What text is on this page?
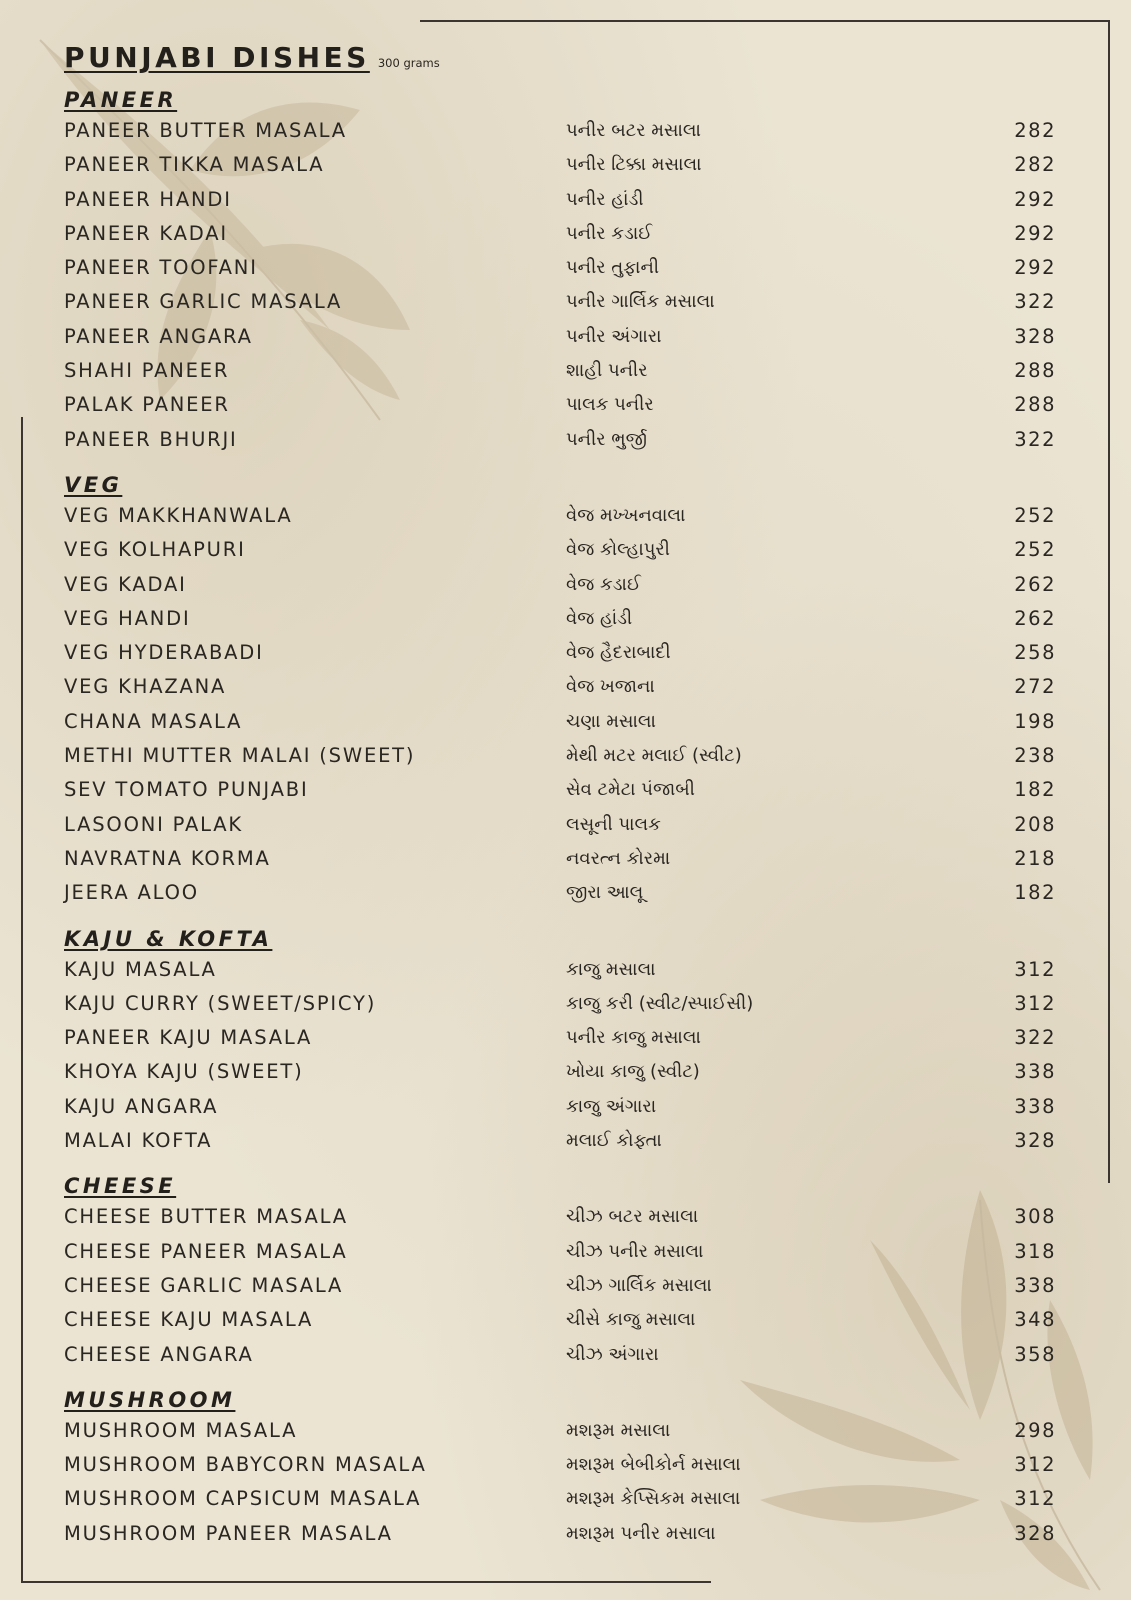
PUNJABI DISHES 300 grams
PANEER
PANEER BUTTER MASALA	પનીર બટર મસાલા	282
PANEER TIKKA MASALA	પનીર ટિક્કા મસાલા	282
PANEER HANDI	પનીર હાંડી	292
PANEER KADAI	પનીર કડાઈ	292
PANEER TOOFANI	પનીર તુફાની	292
PANEER GARLIC MASALA	પનીર ગાર્લિક મસાલા	322
PANEER ANGARA	પનીર અંગારા	328
SHAHI PANEER	શાહી પનીર	288
PALAK PANEER	પાલક પનીર	288
PANEER BHURJI	પનીર ભુર્જી	322
VEG
VEG MAKKHANWALA	વેજ મખ્ખનવાલા	252
VEG KOLHAPURI	વેજ કોલ્હાપુરી	252
VEG KADAI	વેજ કડાઈ	262
VEG HANDI	વેજ હાંડી	262
VEG HYDERABADI	વેજ હૈદરાબાદી	258
VEG KHAZANA	વેજ ખજાના	272
CHANA MASALA	ચણા મસાલા	198
METHI MUTTER MALAI (SWEET)	મેથી મટર મલાઈ (સ્વીટ)	238
SEV TOMATO PUNJABI	સેવ ટમેટા પંજાબી	182
LASOONI PALAK	લસૂની પાલક	208
NAVRATNA KORMA	નવરત્ન કોરમા	218
JEERA ALOO	જીરા આલૂ	182
KAJU & KOFTA
KAJU MASALA	કાજુ મસાલા	312
KAJU CURRY (SWEET/SPICY)	કાજુ કરી (સ્વીટ/સ્પાઈસી)	312
PANEER KAJU MASALA	પનીર કાજુ મસાલા	322
KHOYA KAJU (SWEET)	ખોયા કાજુ (સ્વીટ)	338
KAJU ANGARA	કાજુ અંગારા	338
MALAI KOFTA	મલાઈ કોફ્તા	328
CHEESE
CHEESE BUTTER MASALA	ચીઝ બટર મસાલા	308
CHEESE PANEER MASALA	ચીઝ પનીર મસાલા	318
CHEESE GARLIC MASALA	ચીઝ ગાર્લિક મસાલા	338
CHEESE KAJU MASALA	ચીસે કાજુ મસાલા	348
CHEESE ANGARA	ચીઝ અંગારા	358
MUSHROOM
MUSHROOM MASALA	મશરૂમ મસાલા	298
MUSHROOM BABYCORN MASALA	મશરૂમ બેબીકોર્ન મસાલા	312
MUSHROOM CAPSICUM MASALA	મશરૂમ કેપ્સિકમ મસાલા	312
MUSHROOM PANEER MASALA	મશરૂમ પનીર મસાલા	328
